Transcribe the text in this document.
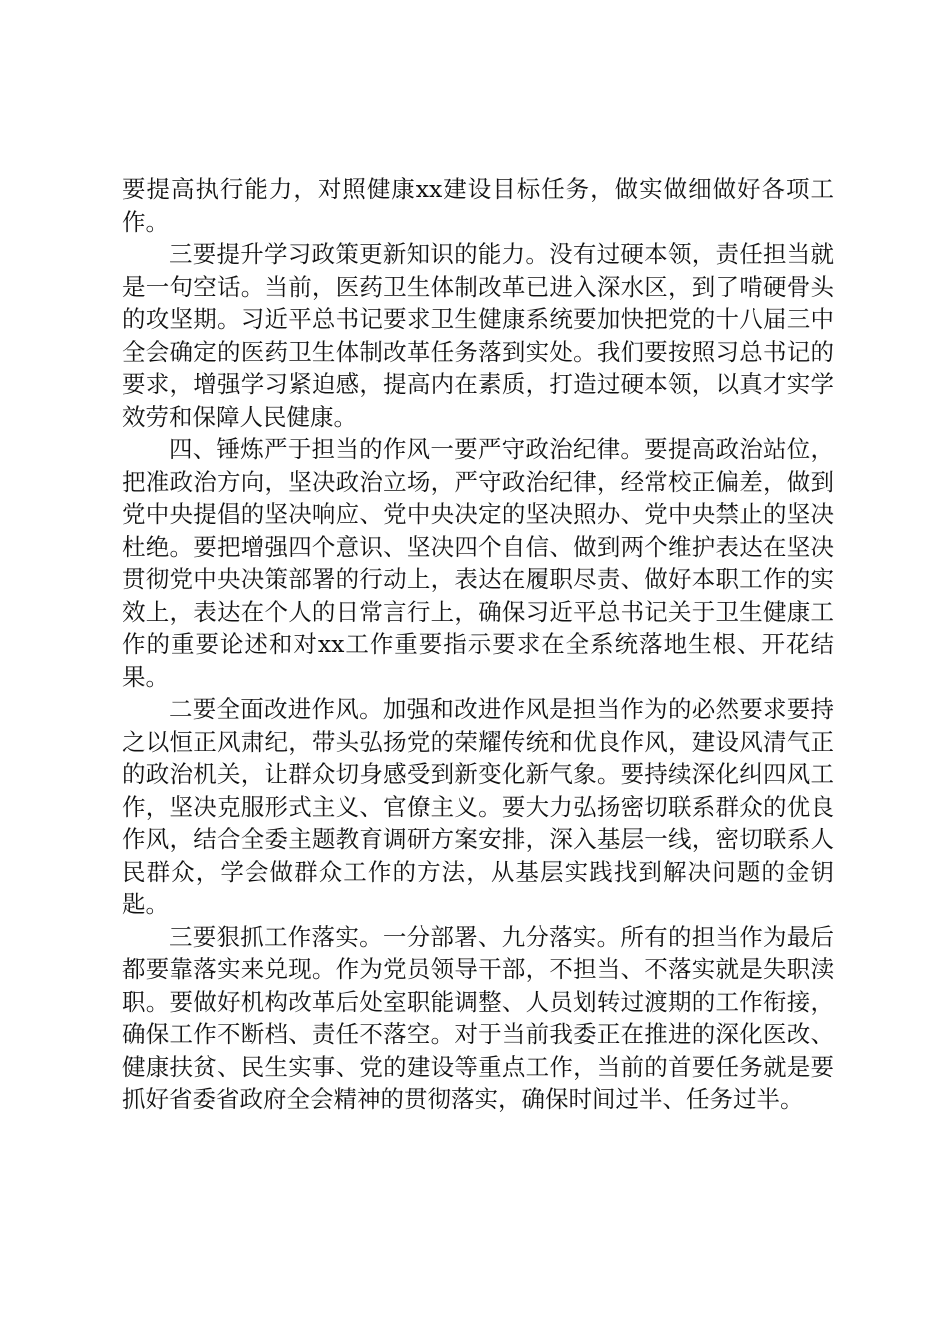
要提高执行能力，对照健康xx建设目标任务，做实做细做好各项工作。

三要提升学习政策更新知识的能力。没有过硬本领，责任担当就是一句空话。当前，医药卫生体制改革已进入深水区，到了啃硬骨头的攻坚期。习近平总书记要求卫生健康系统要加快把党的十八届三中全会确定的医药卫生体制改革任务落到实处。我们要按照习总书记的要求，增强学习紧迫感，提高内在素质，打造过硬本领，以真才实学效劳和保障人民健康。

四、锤炼严于担当的作风一要严守政治纪律。要提高政治站位，把准政治方向，坚决政治立场，严守政治纪律，经常校正偏差，做到党中央提倡的坚决响应、党中央决定的坚决照办、党中央禁止的坚决杜绝。要把增强四个意识、坚决四个自信、做到两个维护表达在坚决贯彻党中央决策部署的行动上，表达在履职尽责、做好本职工作的实效上，表达在个人的日常言行上，确保习近平总书记关于卫生健康工作的重要论述和对xx工作重要指示要求在全系统落地生根、开花结果。

二要全面改进作风。加强和改进作风是担当作为的必然要求要持之以恒正风肃纪，带头弘扬党的荣耀传统和优良作风，建设风清气正的政治机关，让群众切身感受到新变化新气象。要持续深化纠四风工作，坚决克服形式主义、官僚主义。要大力弘扬密切联系群众的优良作风，结合全委主题教育调研方案安排，深入基层一线，密切联系人民群众，学会做群众工作的方法，从基层实践找到解决问题的金钥匙。

三要狠抓工作落实。一分部署、九分落实。所有的担当作为最后都要靠落实来兑现。作为党员领导干部，不担当、不落实就是失职渎职。要做好机构改革后处室职能调整、人员划转过渡期的工作衔接，确保工作不断档、责任不落空。对于当前我委正在推进的深化医改、健康扶贫、民生实事、党的建设等重点工作，当前的首要任务就是要抓好省委省政府全会精神的贯彻落实，确保时间过半、任务过半。
